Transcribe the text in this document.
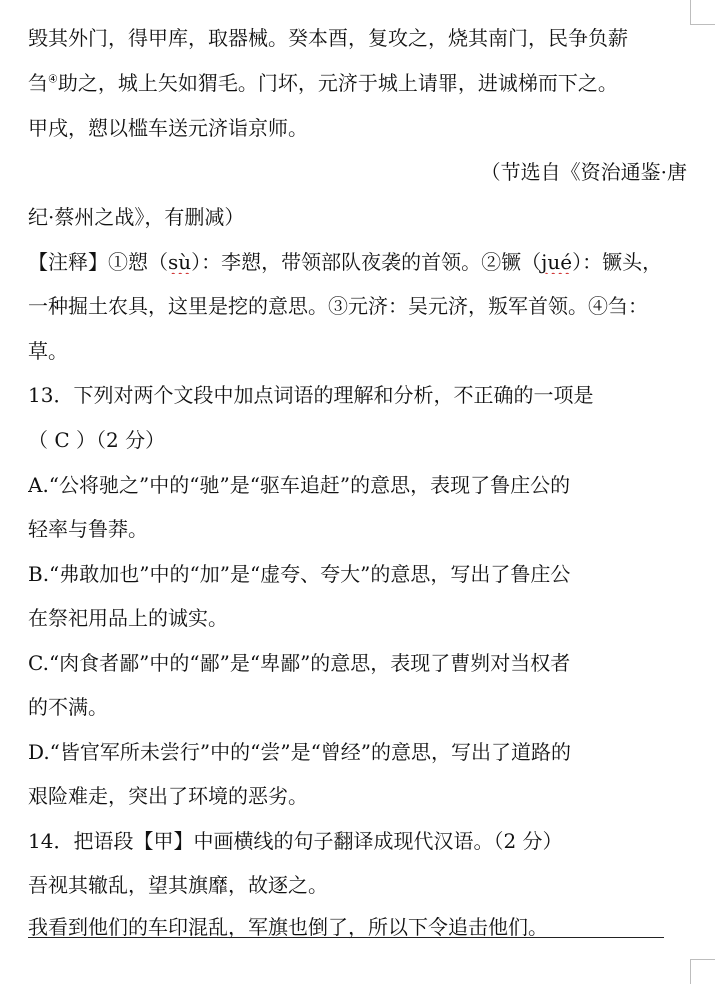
毁其外门，得甲库，取器械。癸本酉，复攻之，烧其南门，民争负薪
刍④助之，城上矢如猬毛。门坏，元济于城上请罪，进诚梯而下之。
甲戌，愬以槛车送元济诣京师。
（节选自《资治通鉴·唐
纪·蔡州之战》，有删减）
【注释】①愬（sù）：李愬，带领部队夜袭的首领。②镢（jué）：镢头，
一种掘土农具，这里是挖的意思。③元济：吴元济，叛军首领。④刍：
草。
13．下列对两个文段中加点词语的理解和分析，不正确的一项是
（ C ）（2 分）
A.“公将驰之”中的“驰”是“驱车追赶”的意思，表现了鲁庄公的
轻率与鲁莽。
B.“弗敢加也”中的“加”是“虚夸、夸大”的意思，写出了鲁庄公
在祭祀用品上的诚实。
C.“肉食者鄙”中的“鄙”是“卑鄙”的意思，表现了曹刿对当权者
的不满。
D.“皆官军所未尝行”中的“尝”是“曾经”的意思，写出了道路的
艰险难走，突出了环境的恶劣。
14．把语段【甲】中画横线的句子翻译成现代汉语。（2 分）
吾视其辙乱，望其旗靡，故逐之。
我看到他们的车印混乱，军旗也倒了，所以下令追击他们。
